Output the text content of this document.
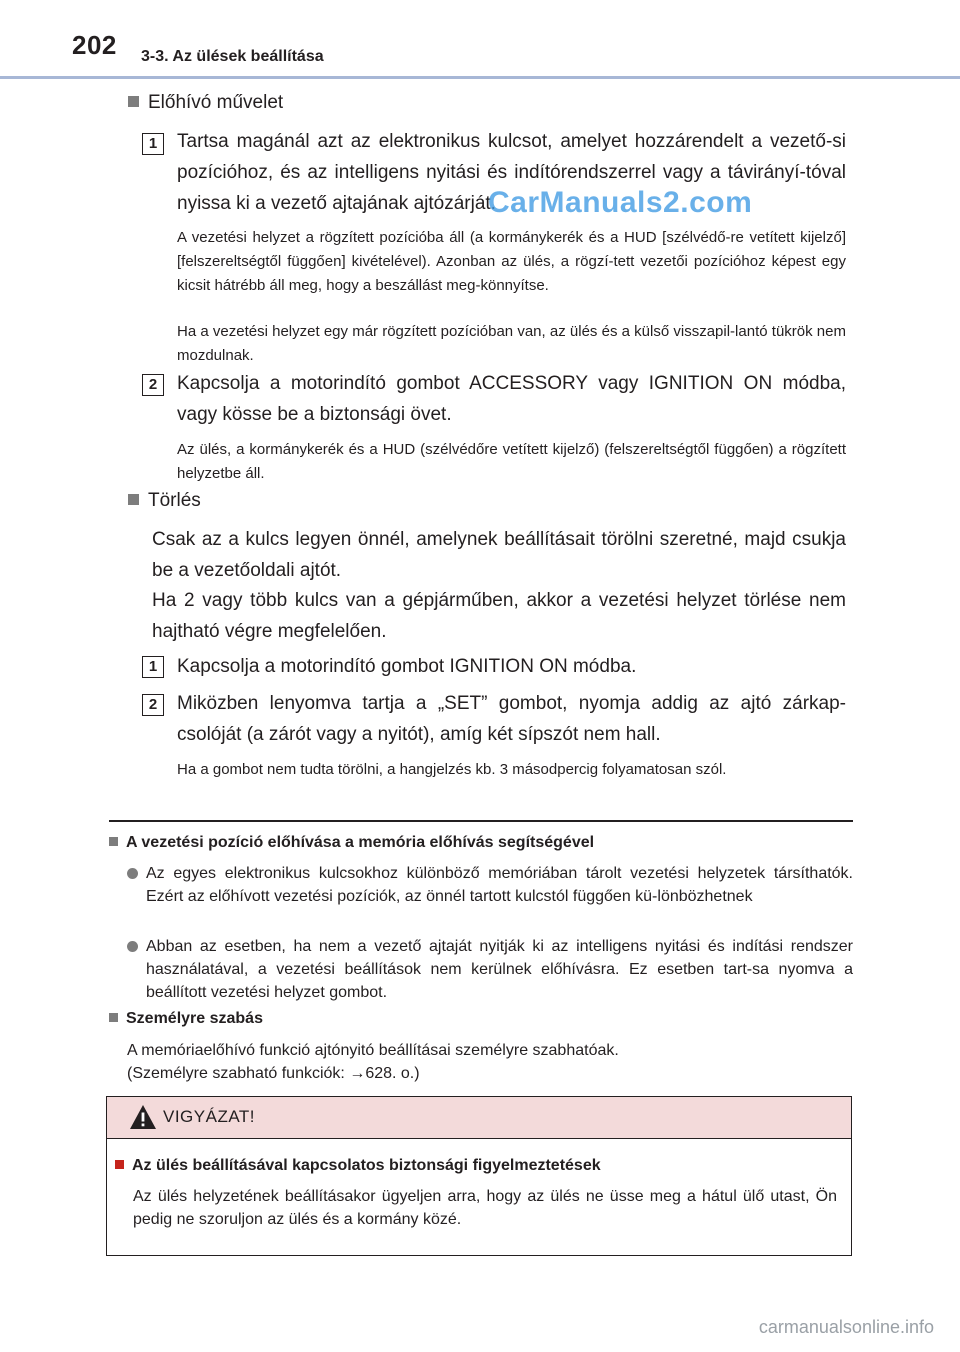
202 3-3. Az ülések beállítása
Előhívó művelet
1	Tartsa magánál azt az elektronikus kulcsot, amelyet hozzárendelt a vezető-si pozícióhoz, és az intelligens nyitási és indítórendszerrel vagy a távirányí-tóval nyissa ki a vezető ajtajának ajtózárját.
A vezetési helyzet a rögzített pozícióba áll (a kormánykerék és a HUD [szélvédő-re vetített kijelző] [felszereltségtől függően] kivételével). Azonban az ülés, a rögzí-tett vezetői pozícióhoz képest egy kicsit hátrébb áll meg, hogy a beszállást meg-könnyítse.
Ha a vezetési helyzet egy már rögzített pozícióban van, az ülés és a külső visszapil-lantó tükrök nem mozdulnak.
2	Kapcsolja a motorindító gombot ACCESSORY vagy IGNITION ON módba, vagy kösse be a biztonsági övet.
Az ülés, a kormánykerék és a HUD (szélvédőre vetített kijelző) (felszereltségtől függően) a rögzített helyzetbe áll.
Törlés
Csak az a kulcs legyen önnél, amelynek beállításait törölni szeretné, majd csukja be a vezetőoldali ajtót.
Ha 2 vagy több kulcs van a gépjárműben, akkor a vezetési helyzet törlése nem hajtható végre megfelelően.
1	Kapcsolja a motorindító gombot IGNITION ON módba.
2	Miközben lenyomva tartja a „SET” gombot, nyomja addig az ajtó zárkap-csolóját (a zárót vagy a nyitót), amíg két sípszót nem hall.
Ha a gombot nem tudta törölni, a hangjelzés kb. 3 másodpercig folyamatosan szól.
A vezetési pozíció előhívása a memória előhívás segítségével
Az egyes elektronikus kulcsokhoz különböző memóriában tárolt vezetési helyzetek társíthatók. Ezért az előhívott vezetési pozíciók, az önnél tartott kulcstól függően kü-lönbözhetnek
Abban az esetben, ha nem a vezető ajtaját nyitják ki az intelligens nyitási és indítási rendszer használatával, a vezetési beállítások nem kerülnek előhívásra. Ez esetben tart-sa nyomva a beállított vezetési helyzet gombot.
Személyre szabás
A memóriaelőhívó funkció ajtónyitó beállításai személyre szabhatóak.
(Személyre szabható funkciók: →628. o.)
VIGYÁZAT!
Az ülés beállításával kapcsolatos biztonsági figyelmeztetések
Az ülés helyzetének beállításakor ügyeljen arra, hogy az ülés ne üsse meg a hátul ülő utast, Ön pedig ne szoruljon az ülés és a kormány közé.
CarManuals2.com
carmanualsonline.info
